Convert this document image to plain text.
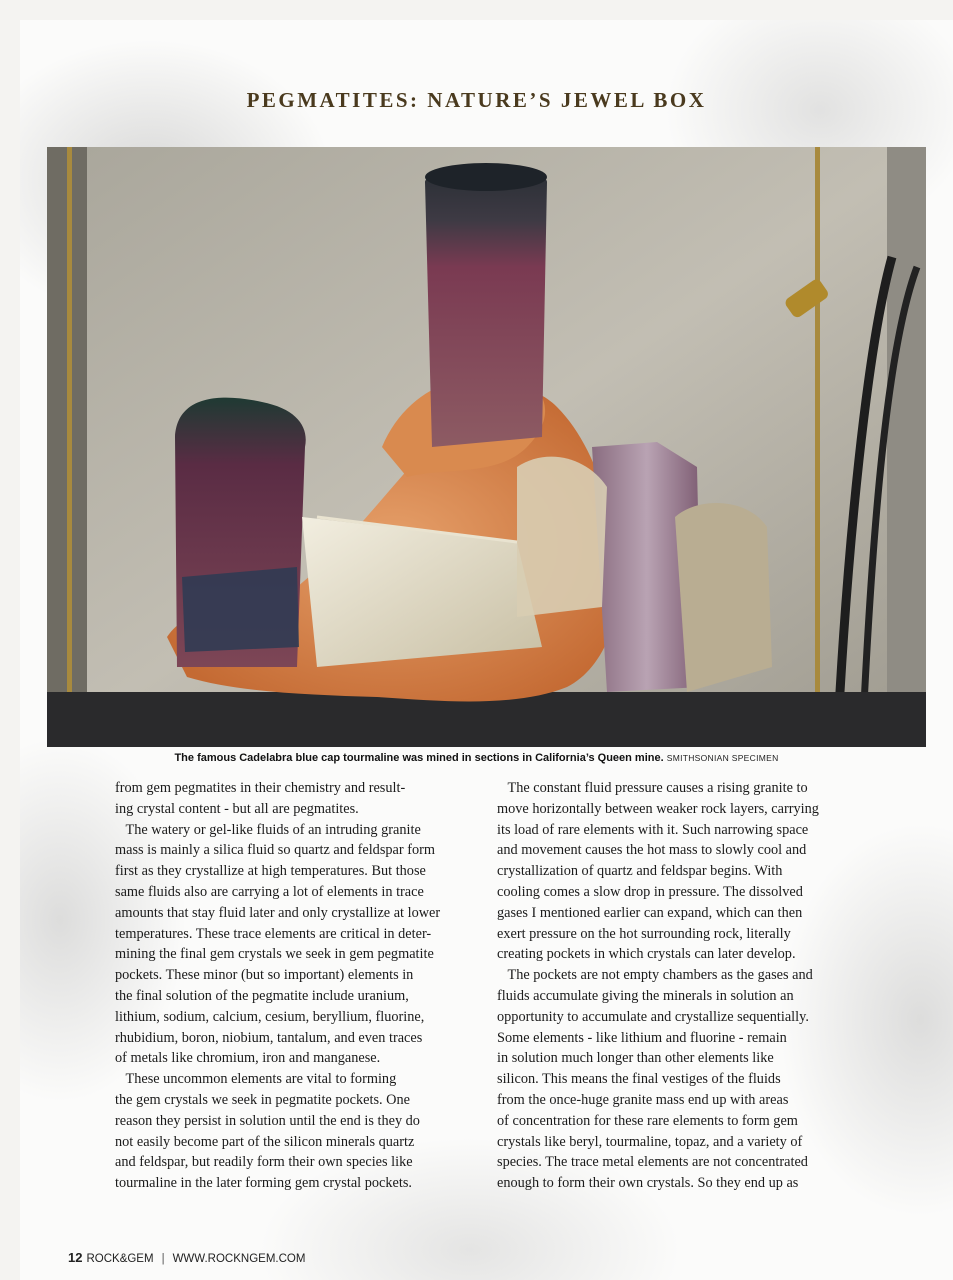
PEGMATITES: NATURE’S JEWEL BOX
The famous Cadelabra blue cap tourmaline was mined in sections in California’s Queen mine. SMITHSONIAN SPECIMEN
from gem pegmatites in their chemistry and result-
ing crystal content - but all are pegmatites.
The watery or gel-like fluids of an intruding granite
mass is mainly a silica fluid so quartz and feldspar form
first as they crystallize at high temperatures. But those
same fluids also are carrying a lot of elements in trace
amounts that stay fluid later and only crystallize at lower
temperatures. These trace elements are critical in deter-
mining the final gem crystals we seek in gem pegmatite
pockets. These minor (but so important) elements in
the final solution of the pegmatite include uranium,
lithium, sodium, calcium, cesium, beryllium, fluorine,
rhubidium, boron, niobium, tantalum, and even traces
of metals like chromium, iron and manganese.
These uncommon elements are vital to forming
the gem crystals we seek in pegmatite pockets. One
reason they persist in solution until the end is they do
not easily become part of the silicon minerals quartz
and feldspar, but readily form their own species like
tourmaline in the later forming gem crystal pockets.
The constant fluid pressure causes a rising granite to
move horizontally between weaker rock layers, carrying
its load of rare elements with it. Such narrowing space
and movement causes the hot mass to slowly cool and
crystallization of quartz and feldspar begins. With
cooling comes a slow drop in pressure. The dissolved
gases I mentioned earlier can expand, which can then
exert pressure on the hot surrounding rock, literally
creating pockets in which crystals can later develop.
The pockets are not empty chambers as the gases and
fluids accumulate giving the minerals in solution an
opportunity to accumulate and crystallize sequentially.
Some elements - like lithium and fluorine - remain
in solution much longer than other elements like
silicon. This means the final vestiges of the fluids
from the once-huge granite mass end up with areas
of concentration for these rare elements to form gem
crystals like beryl, tourmaline, topaz, and a variety of
species. The trace metal elements are not concentrated
enough to form their own crystals. So they end up as
12 ROCK&GEM | WWW.ROCKNGEM.COM
